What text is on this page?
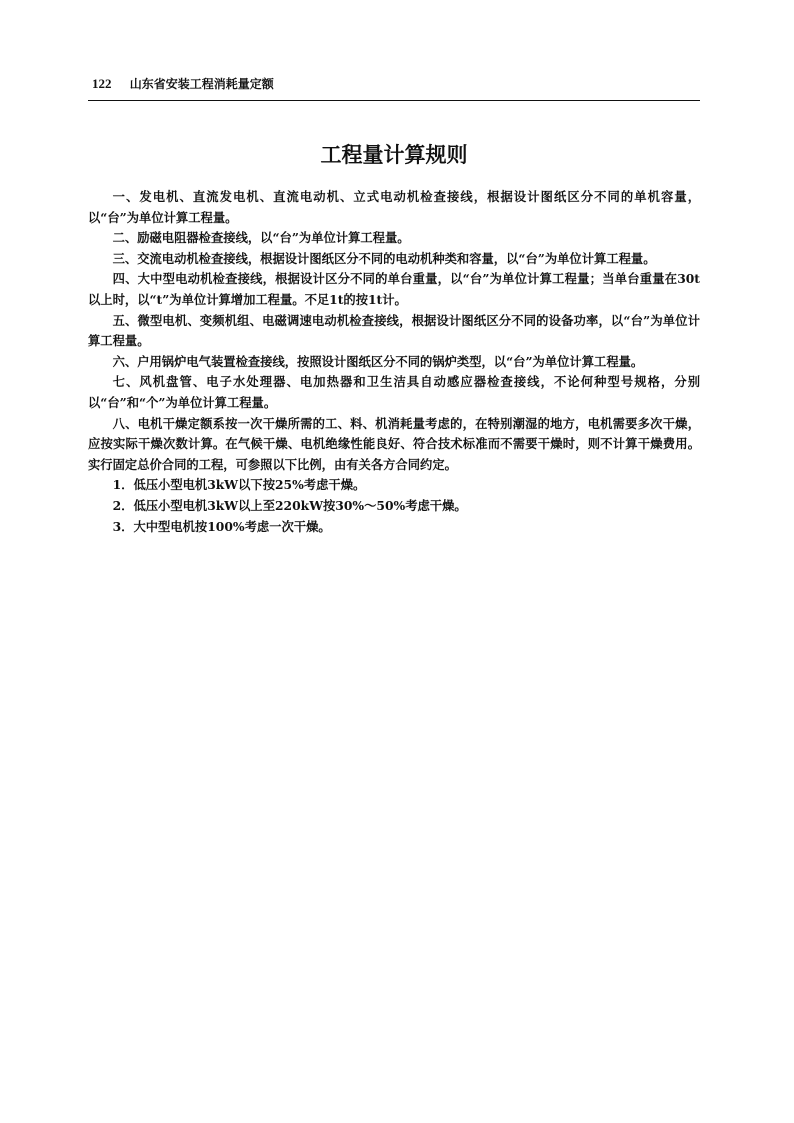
122 山东省安装工程消耗量定额
工程量计算规则

一、发电机、直流发电机、直流电动机、立式电动机检查接线，根据设计图纸区分不同的单机容量，以“台”为单位计算工程量。

二、励磁电阻器检查接线，以“台”为单位计算工程量。

三、交流电动机检查接线，根据设计图纸区分不同的电动机种类和容量，以“台”为单位计算工程量。

四、大中型电动机检查接线，根据设计区分不同的单台重量，以“台”为单位计算工程量；当单台重量在30t以上时，以“t”为单位计算增加工程量。不足1t的按1t计。

五、微型电机、变频机组、电磁调速电动机检查接线，根据设计图纸区分不同的设备功率，以“台”为单位计算工程量。

六、户用锅炉电气装置检查接线，按照设计图纸区分不同的锅炉类型，以“台”为单位计算工程量。

七、风机盘管、电子水处理器、电加热器和卫生洁具自动感应器检查接线，不论何种型号规格，分别以“台”和“个”为单位计算工程量。

八、电机干燥定额系按一次干燥所需的工、料、机消耗量考虑的，在特别潮湿的地方，电机需要多次干燥，应按实际干燥次数计算。在气候干燥、电机绝缘性能良好、符合技术标准而不需要干燥时，则不计算干燥费用。实行固定总价合同的工程，可参照以下比例，由有关各方合同约定。

1．低压小型电机3kW以下按25%考虑干燥。

2．低压小型电机3kW以上至220kW按30%～50%考虑干燥。

3．大中型电机按100%考虑一次干燥。
